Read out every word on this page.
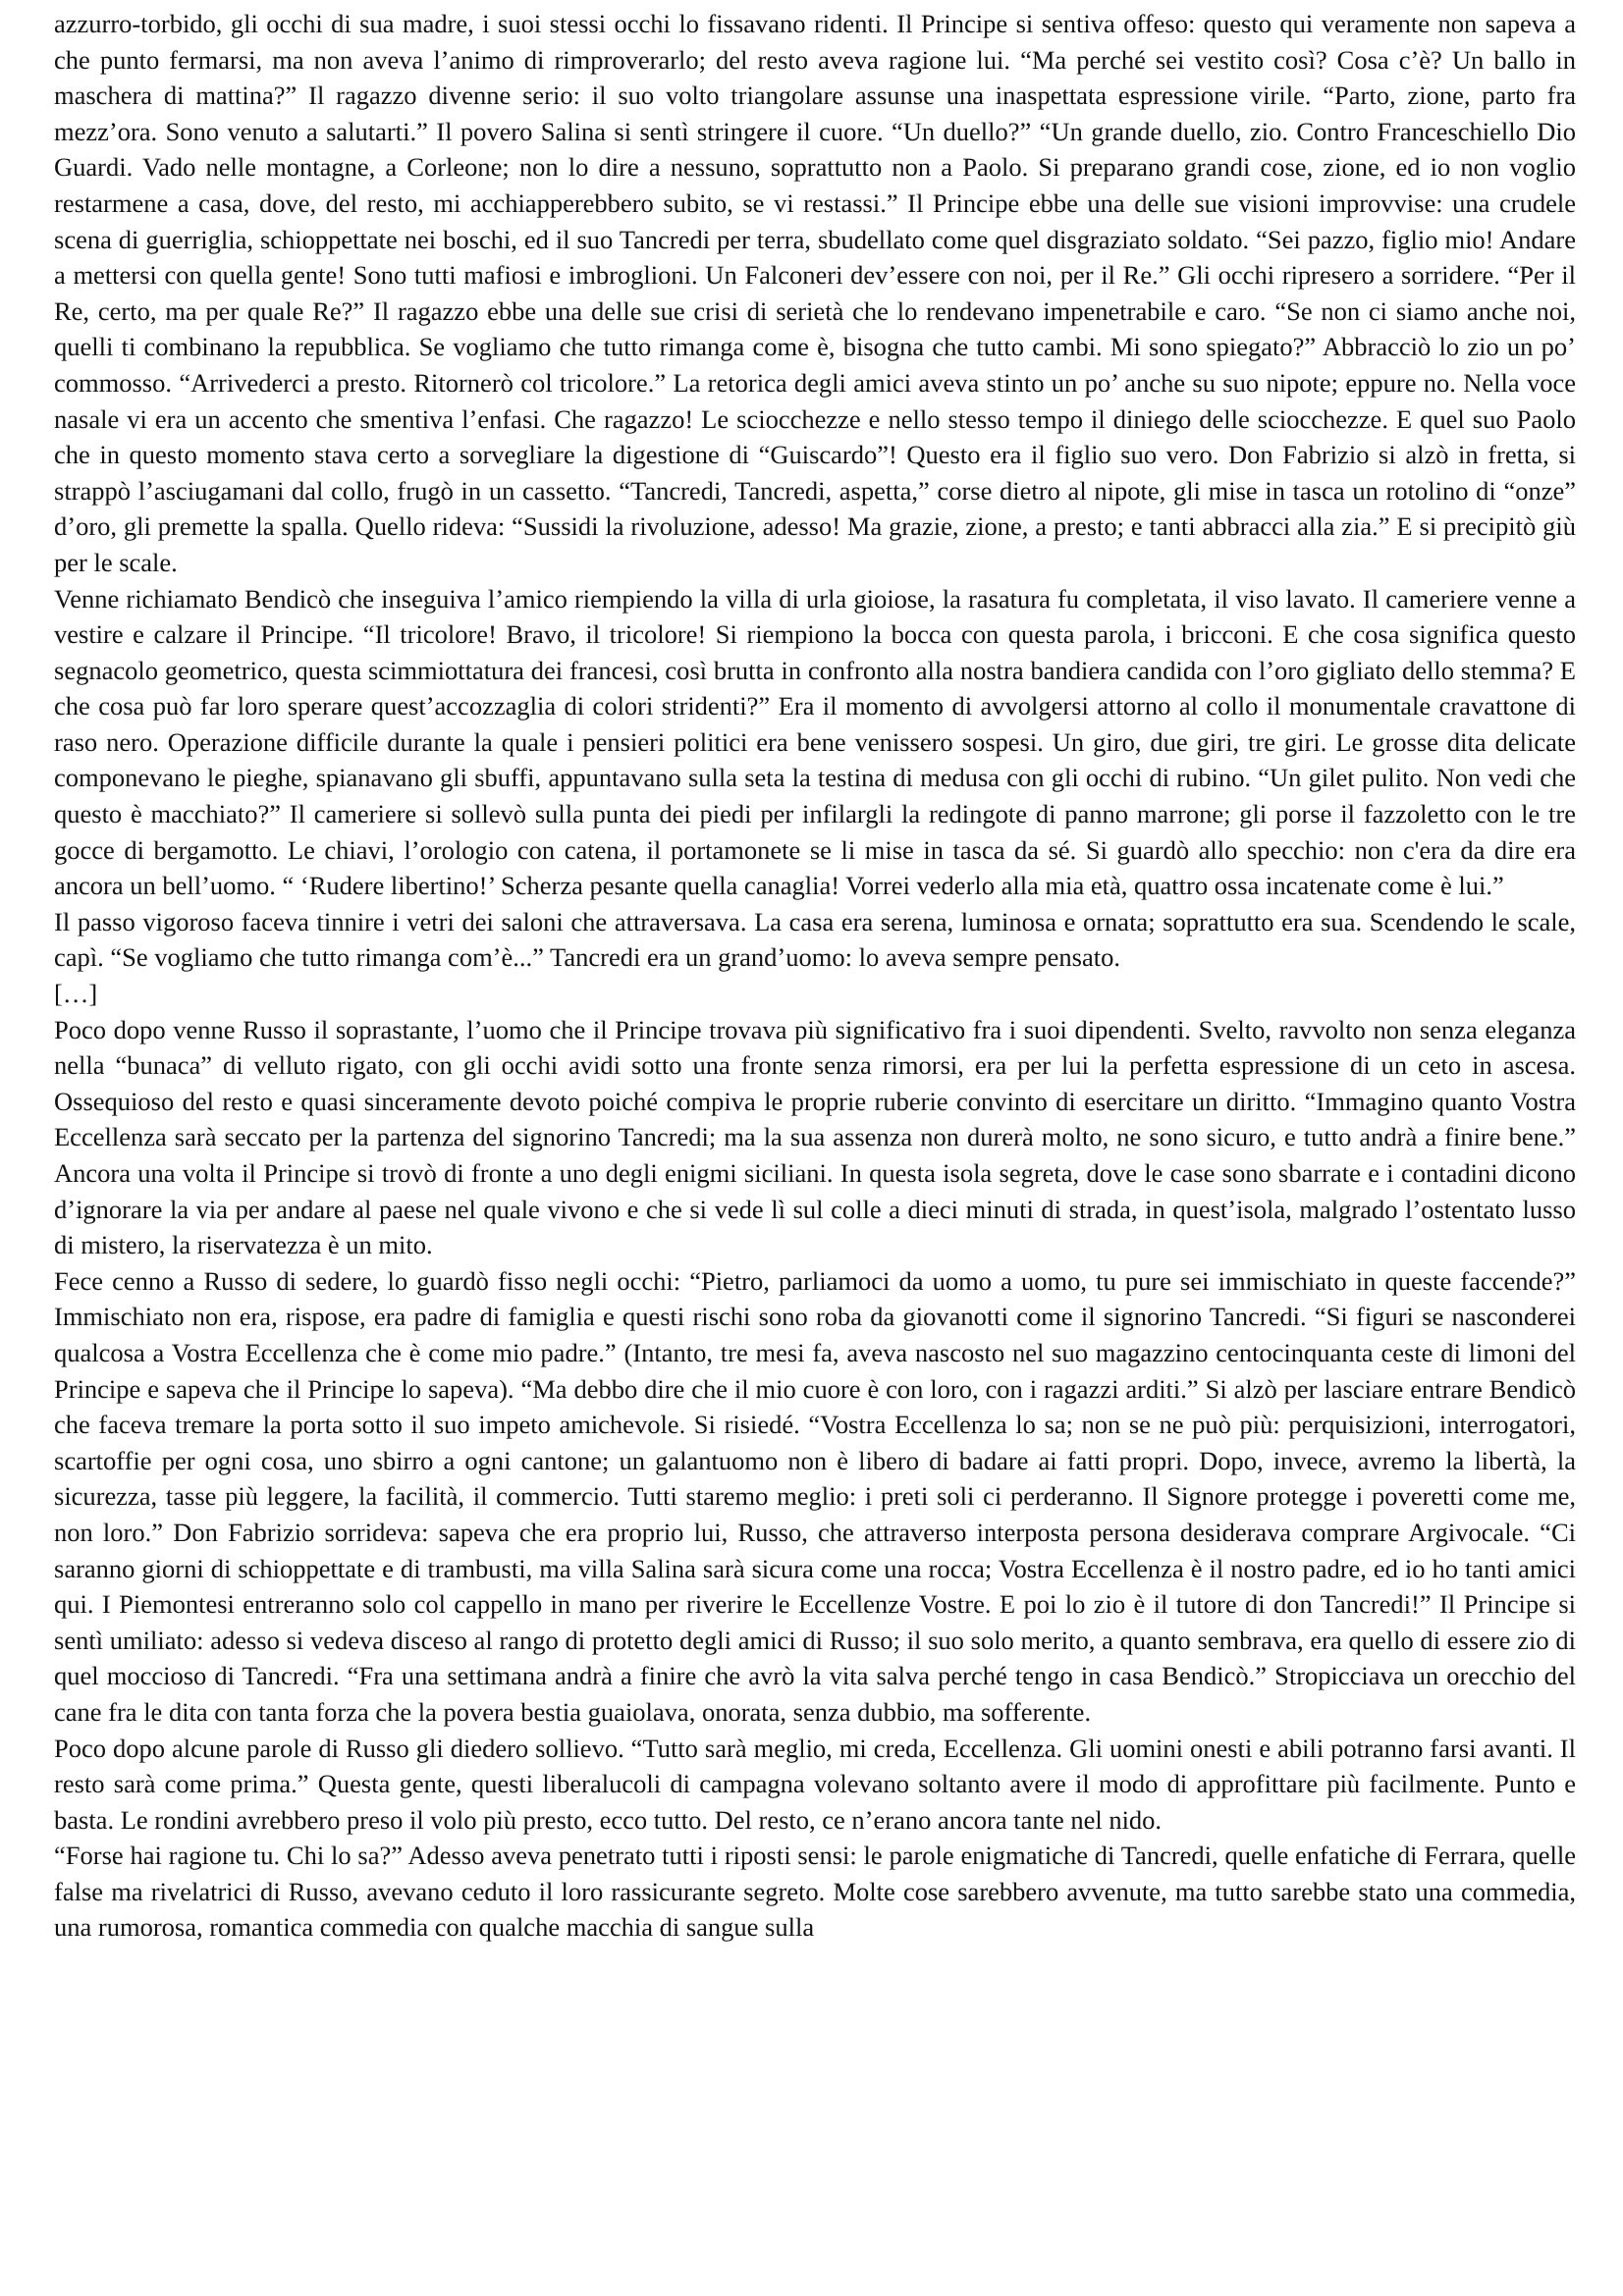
azzurro-torbido, gli occhi di sua madre, i suoi stessi occhi lo fissavano ridenti. Il Principe si sentiva offeso: questo qui veramente non sapeva a che punto fermarsi, ma non aveva l’animo di rimproverarlo; del resto aveva ragione lui. “Ma perché sei vestito così? Cosa c’è? Un ballo in maschera di mattina?” Il ragazzo divenne serio: il suo volto triangolare assunse una inaspettata espressione virile. “Parto, zione, parto fra mezz’ora. Sono venuto a salutarti.” Il povero Salina si sentì stringere il cuore. “Un duello?” “Un grande duello, zio. Contro Franceschiello Dio Guardi. Vado nelle montagne, a Corleone; non lo dire a nessuno, soprattutto non a Paolo. Si preparano grandi cose, zione, ed io non voglio restarmene a casa, dove, del resto, mi acchiapperebbero subito, se vi restassi.” Il Principe ebbe una delle sue visioni improvvise: una crudele scena di guerriglia, schioppettate nei boschi, ed il suo Tancredi per terra, sbudellato come quel disgraziato soldato. “Sei pazzo, figlio mio! Andare a mettersi con quella gente! Sono tutti mafiosi e imbroglioni. Un Falconeri dev’essere con noi, per il Re.” Gli occhi ripresero a sorridere. “Per il Re, certo, ma per quale Re?” Il ragazzo ebbe una delle sue crisi di serietà che lo rendevano impenetrabile e caro. “Se non ci siamo anche noi, quelli ti combinano la repubblica. Se vogliamo che tutto rimanga come è, bisogna che tutto cambi. Mi sono spiegato?” Abbracciò lo zio un po’ commosso. “Arrivederci a presto. Ritornerò col tricolore.” La retorica degli amici aveva stinto un po’ anche su suo nipote; eppure no. Nella voce nasale vi era un accento che smentiva l’enfasi. Che ragazzo! Le sciocchezze e nello stesso tempo il diniego delle sciocchezze. E quel suo Paolo che in questo momento stava certo a sorvegliare la digestione di “Guiscardo”! Questo era il figlio suo vero. Don Fabrizio si alzò in fretta, si strappò l’asciugamani dal collo, frugò in un cassetto. “Tancredi, Tancredi, aspetta,” corse dietro al nipote, gli mise in tasca un rotolino di “onze” d’oro, gli premette la spalla. Quello rideva: “Sussidi la rivoluzione, adesso! Ma grazie, zione, a presto; e tanti abbracci alla zia.” E si precipitò giù per le scale.

Venne richiamato Bendicò che inseguiva l’amico riempiendo la villa di urla gioiose, la rasatura fu completata, il viso lavato. Il cameriere venne a vestire e calzare il Principe. “Il tricolore! Bravo, il tricolore! Si riempiono la bocca con questa parola, i bricconi. E che cosa significa questo segnacolo geometrico, questa scimmiottatura dei francesi, così brutta in confronto alla nostra bandiera candida con l’oro gigliato dello stemma? E che cosa può far loro sperare quest’accozzaglia di colori stridenti?” Era il momento di avvolgersi attorno al collo il monumentale cravattone di raso nero. Operazione difficile durante la quale i pensieri politici era bene venissero sospesi. Un giro, due giri, tre giri. Le grosse dita delicate componevano le pieghe, spianavano gli sbuffi, appuntavano sulla seta la testina di medusa con gli occhi di rubino. “Un gilet pulito. Non vedi che questo è macchiato?” Il cameriere si sollevò sulla punta dei piedi per infilargli la redingote di panno marrone; gli porse il fazzoletto con le tre gocce di bergamotto. Le chiavi, l’orologio con catena, il portamonete se li mise in tasca da sé. Si guardò allo specchio: non c'era da dire era ancora un bell’uomo. “ ‘Rudere libertino!’ Scherza pesante quella canaglia! Vorrei vederlo alla mia età, quattro ossa incatenate come è lui.”

Il passo vigoroso faceva tinnire i vetri dei saloni che attraversava. La casa era serena, luminosa e ornata; soprattutto era sua. Scendendo le scale, capì. “Se vogliamo che tutto rimanga com’è...” Tancredi era un grand’uomo: lo aveva sempre pensato.

[…]

Poco dopo venne Russo il soprastante, l’uomo che il Principe trovava più significativo fra i suoi dipendenti. Svelto, ravvolto non senza eleganza nella “bunaca” di velluto rigato, con gli occhi avidi sotto una fronte senza rimorsi, era per lui la perfetta espressione di un ceto in ascesa. Ossequioso del resto e quasi sinceramente devoto poiché compiva le proprie ruberie convinto di esercitare un diritto. “Immagino quanto Vostra Eccellenza sarà seccato per la partenza del signorino Tancredi; ma la sua assenza non durerà molto, ne sono sicuro, e tutto andrà a finire bene.” Ancora una volta il Principe si trovò di fronte a uno degli enigmi siciliani. In questa isola segreta, dove le case sono sbarrate e i contadini dicono d’ignorare la via per andare al paese nel quale vivono e che si vede lì sul colle a dieci minuti di strada, in quest’isola, malgrado l’ostentato lusso di mistero, la riservatezza è un mito.

Fece cenno a Russo di sedere, lo guardò fisso negli occhi: “Pietro, parliamoci da uomo a uomo, tu pure sei immischiato in queste faccende?” Immischiato non era, rispose, era padre di famiglia e questi rischi sono roba da giovanotti come il signorino Tancredi. “Si figuri se nasconderei qualcosa a Vostra Eccellenza che è come mio padre.” (Intanto, tre mesi fa, aveva nascosto nel suo magazzino centocinquanta ceste di limoni del Principe e sapeva che il Principe lo sapeva). “Ma debbo dire che il mio cuore è con loro, con i ragazzi arditi.” Si alzò per lasciare entrare Bendicò che faceva tremare la porta sotto il suo impeto amichevole. Si risiedé. “Vostra Eccellenza lo sa; non se ne può più: perquisizioni, interrogatori, scartoffie per ogni cosa, uno sbirro a ogni cantone; un galantuomo non è libero di badare ai fatti propri. Dopo, invece, avremo la libertà, la sicurezza, tasse più leggere, la facilità, il commercio. Tutti staremo meglio: i preti soli ci perderanno. Il Signore protegge i poveretti come me, non loro.” Don Fabrizio sorrideva: sapeva che era proprio lui, Russo, che attraverso interposta persona desiderava comprare Argivocale. “Ci saranno giorni di schioppettate e di trambusti, ma villa Salina sarà sicura come una rocca; Vostra Eccellenza è il nostro padre, ed io ho tanti amici qui. I Piemontesi entreranno solo col cappello in mano per riverire le Eccellenze Vostre. E poi lo zio è il tutore di don Tancredi!” Il Principe si sentì umiliato: adesso si vedeva disceso al rango di protetto degli amici di Russo; il suo solo merito, a quanto sembrava, era quello di essere zio di quel moccioso di Tancredi. “Fra una settimana andrà a finire che avrò la vita salva perché tengo in casa Bendicò.” Stropicciava un orecchio del cane fra le dita con tanta forza che la povera bestia guaiolava, onorata, senza dubbio, ma sofferente.

Poco dopo alcune parole di Russo gli diedero sollievo. “Tutto sarà meglio, mi creda, Eccellenza. Gli uomini onesti e abili potranno farsi avanti. Il resto sarà come prima.” Questa gente, questi liberalucoli di campagna volevano soltanto avere il modo di approfittare più facilmente. Punto e basta. Le rondini avrebbero preso il volo più presto, ecco tutto. Del resto, ce n’erano ancora tante nel nido.

“Forse hai ragione tu. Chi lo sa?” Adesso aveva penetrato tutti i riposti sensi: le parole enigmatiche di Tancredi, quelle enfatiche di Ferrara, quelle false ma rivelatrici di Russo, avevano ceduto il loro rassicurante segreto. Molte cose sarebbero avvenute, ma tutto sarebbe stato una commedia, una rumorosa, romantica commedia con qualche macchia di sangue sulla
